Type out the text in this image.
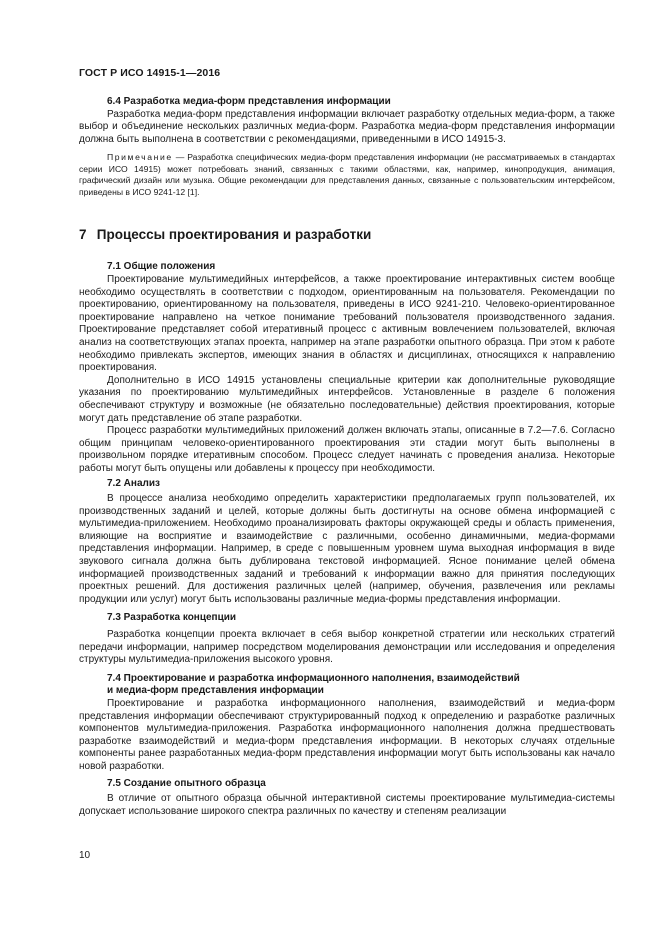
ГОСТ Р ИСО 14915-1—2016
6.4 Разработка медиа-форм представления информации

Разработка медиа-форм представления информации включает разработку отдельных медиа-форм, а также выбор и объединение нескольких различных медиа-форм. Разработка медиа-форм представления информации должна быть выполнена в соответствии с рекомендациями, приведенными в ИСО 14915-3.

Примечание — Разработка специфических медиа-форм представления информации (не рассматриваемых в стандартах серии ИСО 14915) может потребовать знаний, связанных с такими областями, как, например, кинопродукция, анимация, графический дизайн или музыка. Общие рекомендации для представления данных, связанные с пользовательским интерфейсом, приведены в ИСО 9241-12 [1].

7 Процессы проектирования и разработки
7.1 Общие положения

Проектирование мультимедийных интерфейсов, а также проектирование интерактивных систем вообще необходимо осуществлять в соответствии с подходом, ориентированным на пользователя. Рекомендации по проектированию, ориентированному на пользователя, приведены в ИСО 9241-210. Человеко-ориентированное проектирование направлено на четкое понимание требований пользователя производственного задания. Проектирование представляет собой итеративный процесс с активным вовлечением пользователей, включая анализ на соответствующих этапах проекта, например на этапе разработки опытного образца. При этом к работе необходимо привлекать экспертов, имеющих знания в областях и дисциплинах, относящихся к направлению проектирования.

Дополнительно в ИСО 14915 установлены специальные критерии как дополнительные руководящие указания по проектированию мультимедийных интерфейсов. Установленные в разделе 6 положения обеспечивают структуру и возможные (не обязательно последовательные) действия проектирования, которые могут дать представление об этапе разработки.

Процесс разработки мультимедийных приложений должен включать этапы, описанные в 7.2—7.6. Согласно общим принципам человеко-ориентированного проектирования эти стадии могут быть выполнены в произвольном порядке итеративным способом. Процесс следует начинать с проведения анализа. Некоторые работы могут быть опущены или добавлены к процессу при необходимости.

7.2 Анализ

В процессе анализа необходимо определить характеристики предполагаемых групп пользователей, их производственных заданий и целей, которые должны быть достигнуты на основе обмена информацией с мультимедиа-приложением. Необходимо проанализировать факторы окружающей среды и область применения, влияющие на восприятие и взаимодействие с различными, особенно динамичными, медиа-формами представления информации. Например, в среде с повышенным уровнем шума выходная информация в виде звукового сигнала должна быть дублирована текстовой информацией. Ясное понимание целей обмена информацией производственных заданий и требований к информации важно для принятия последующих проектных решений. Для достижения различных целей (например, обучения, развлечения или рекламы продукции или услуг) могут быть использованы различные медиа-формы представления информации.

7.3 Разработка концепции

Разработка концепции проекта включает в себя выбор конкретной стратегии или нескольких стратегий передачи информации, например посредством моделирования демонстрации или исследования и определения структуры мультимедиа-приложения высокого уровня.

7.4 Проектирование и разработка информационного наполнения, взаимодействий
и медиа-форм представления информации

Проектирование и разработка информационного наполнения, взаимодействий и медиа-форм представления информации обеспечивают структурированный подход к определению и разработке различных компонентов мультимедиа-приложения. Разработка информационного наполнения должна предшествовать разработке взаимодействий и медиа-форм представления информации. В некоторых случаях отдельные компоненты ранее разработанных медиа-форм представления информации могут быть использованы как начало новой разработки.

7.5 Создание опытного образца

В отличие от опытного образца обычной интерактивной системы проектирование мультимедиа-системы допускает использование широкого спектра различных по качеству и степеням реализации

10
